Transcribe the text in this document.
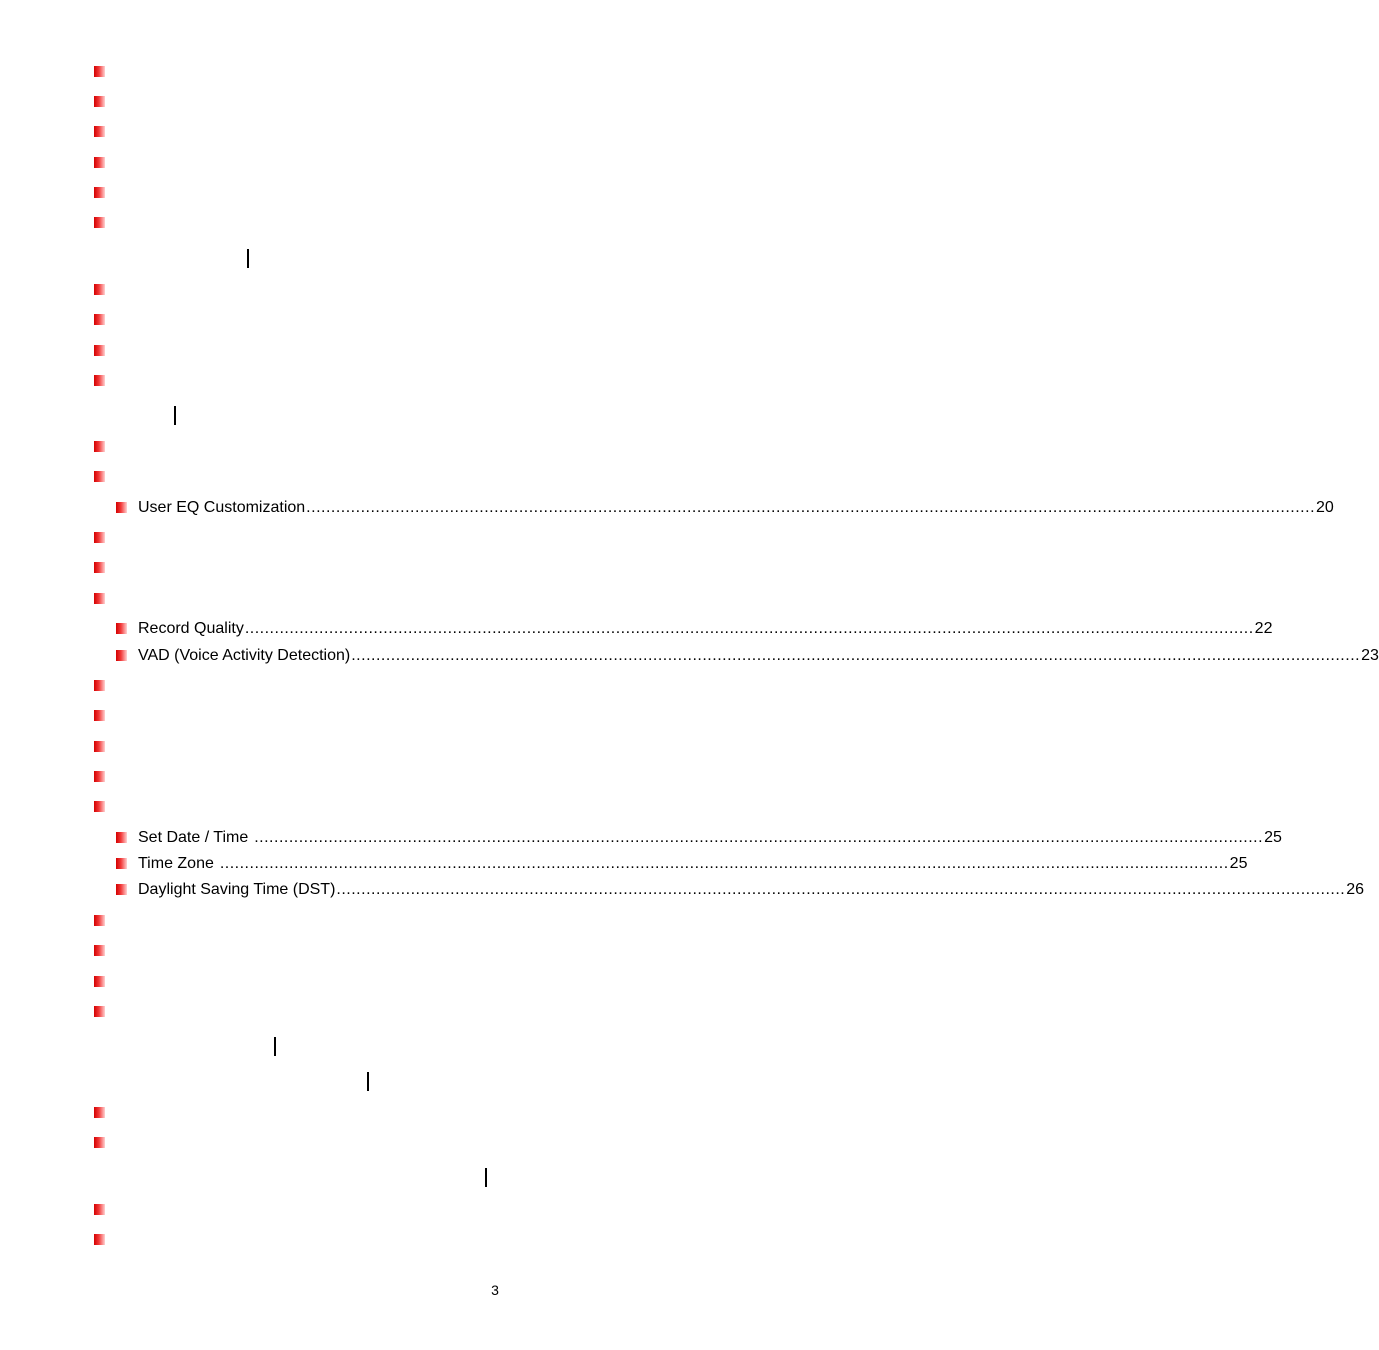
User EQ Customization ............................................................................................................................................................................................................ 20
Record Quality ............................................................................................................................................................................................................ 22
VAD (Voice Activity Detection) ............................................................................................................................................................................................................ 23
Set Date / Time ............................................................................................................................................................................................................ 25
Time Zone ............................................................................................................................................................................................................ 25
Daylight Saving Time (DST) ............................................................................................................................................................................................................ 26
3
